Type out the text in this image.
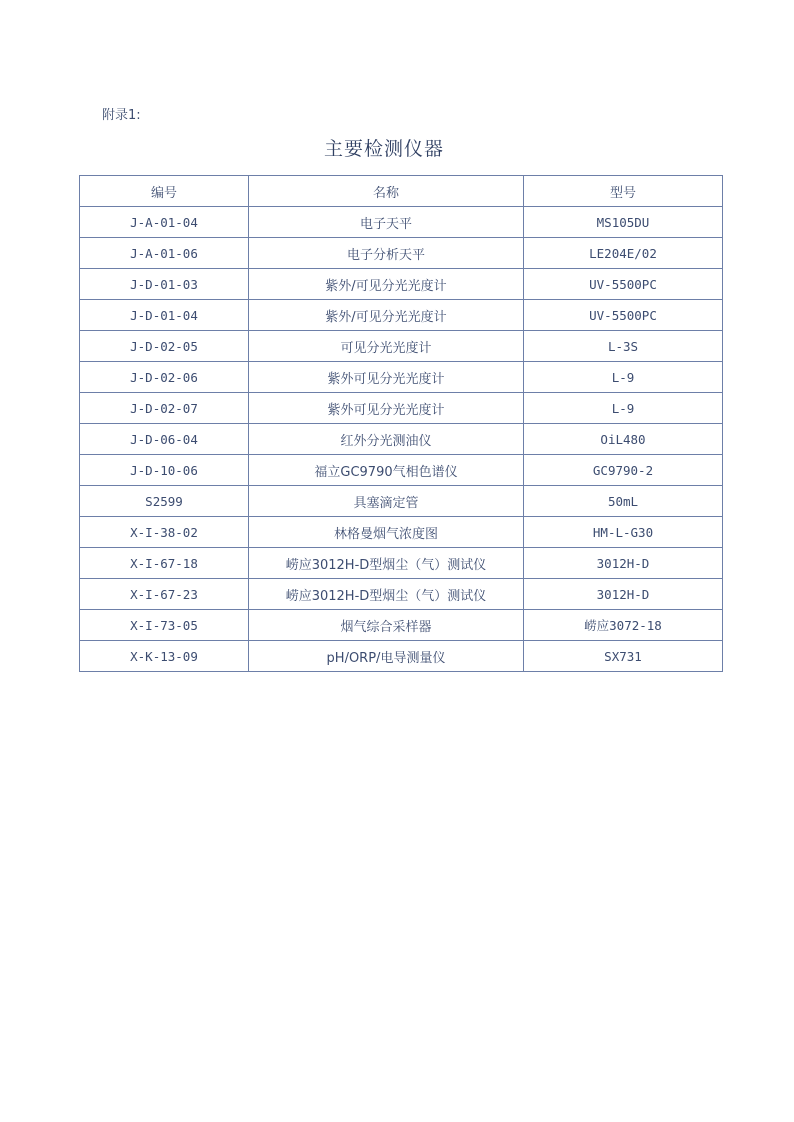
附录1:
主要检测仪器
编号	名称	型号
J-A-01-04	电子天平	MS105DU
J-A-01-06	电子分析天平	LE204E/02
J-D-01-03	紫外/可见分光光度计	UV-5500PC
J-D-01-04	紫外/可见分光光度计	UV-5500PC
J-D-02-05	可见分光光度计	L-3S
J-D-02-06	紫外可见分光光度计	L-9
J-D-02-07	紫外可见分光光度计	L-9
J-D-06-04	红外分光测油仪	OiL480
J-D-10-06	福立GC9790气相色谱仪	GC9790-2
S2599	具塞滴定管	50mL
X-I-38-02	林格曼烟气浓度图	HM-L-G30
X-I-67-18	崂应3012H-D型烟尘（气）测试仪	3012H-D
X-I-67-23	崂应3012H-D型烟尘（气）测试仪	3012H-D
X-I-73-05	烟气综合采样器	崂应3072-18
X-K-13-09	pH/ORP/电导测量仪	SX731
